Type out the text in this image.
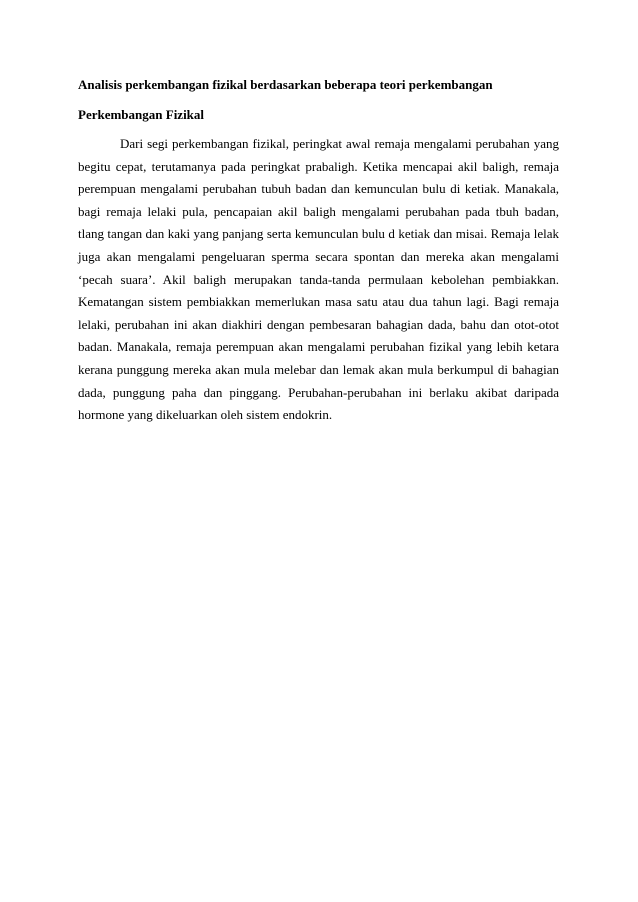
Analisis perkembangan fizikal berdasarkan beberapa teori perkembangan
Perkembangan Fizikal

Dari segi perkembangan fizikal, peringkat awal remaja mengalami perubahan yang begitu cepat, terutamanya pada peringkat prabaligh. Ketika mencapai akil baligh, remaja perempuan mengalami perubahan tubuh badan dan kemunculan bulu di ketiak. Manakala, bagi remaja lelaki pula, pencapaian akil baligh mengalami perubahan pada tbuh badan, tlang tangan dan kaki yang panjang serta kemunculan bulu d ketiak dan misai. Remaja lelak juga akan mengalami pengeluaran sperma secara spontan dan mereka akan mengalami ‘pecah suara’. Akil baligh merupakan tanda-tanda permulaan kebolehan pembiakkan. Kematangan sistem pembiakkan memerlukan masa satu atau dua tahun lagi. Bagi remaja lelaki, perubahan ini akan diakhiri dengan pembesaran bahagian dada, bahu dan otot-otot badan. Manakala, remaja perempuan akan mengalami perubahan fizikal yang lebih ketara kerana punggung mereka akan mula melebar dan lemak akan mula berkumpul di bahagian dada, punggung paha dan pinggang. Perubahan-perubahan ini berlaku akibat daripada hormone yang dikeluarkan oleh sistem endokrin.
